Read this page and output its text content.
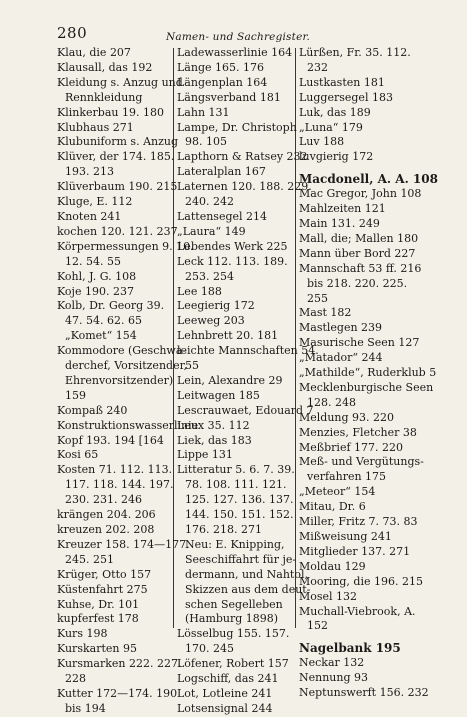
280	Namen- und Sachregister.
Klau, die 207
Klausall, das 192
Kleidung s. Anzug und
Rennkleidung
Klinkerbau 19. 180
Klubhaus 271
Klubuniform s. Anzug
Klüver, der 174. 185.
193. 213
Klüverbaum 190. 215
Kluge, E. 112
Knoten 241
kochen 120. 121. 237
Körpermessungen 9. 10.
12. 54. 55
Kohl, J. G. 108
Koje 190. 237
Kolb, Dr. Georg 39.
47. 54. 62. 65
„Komet“ 154
Kommodore (Geschwa-
derchef, Vorsitzender,
Ehrenvorsitzender)
159
Kompaß 240
Konstruktionswasserlinie
Kopf 193. 194 [164
Kosi 65
Kosten 71. 112. 113.
117. 118. 144. 197.
230. 231. 246
krängen 204. 206
kreuzen 202. 208
Kreuzer 158. 174—177.
245. 251
Krüger, Otto 157
Küstenfahrt 275
Kuhse, Dr. 101
kupferfest 178
Kurs 198
Kurskarten 95
Kursmarken 222. 227.
228
Kutter 172—174. 190
bis 194
Ladewasserlinie 164
Länge 165. 176
Längenplan 164
Längsverband 181
Lahn 131
Lampe, Dr. Christoph
98. 105
Lapthorn & Ratsey 232
Lateralplan 167
Laternen 120. 188. 229.
240. 242
Lattensegel 214
„Laura“ 149
Lebendes Werk 225
Leck 112. 113. 189.
253. 254
Lee 188
Leegierig 172
Leeweg 203
Lehnbrett 20. 181
leichte Mannschaften 54.
55
Lein, Alexandre 29
Leitwagen 185
Lescrauwaet, Edouard 7
Leux 35. 112
Liek, das 183
Lippe 131
Litteratur 5. 6. 7. 39.
78. 108. 111. 121.
125. 127. 136. 137.
144. 150. 151. 152.
176. 218. 271
Neu: E. Knipping,
Seeschiffahrt für je-
dermann, und Nahtol,
Skizzen aus dem deut-
schen Segelleben
(Hamburg 1898)
Lösselbug 155. 157.
170. 245
Löfener, Robert 157
Logschiff, das 241
Lot, Lotleine 241
Lotsensignal 244
Lürßen, Fr. 35. 112.
232
Lustkasten 181
Luggersegel 183
Luk, das 189
„Luna“ 179
Luv 188
luvgierig 172
Macdonell, A. A. 108
Mac Gregor, John 108
Mahlzeiten 121
Main 131. 249
Mall, die; Mallen 180
Mann über Bord 227
Mannschaft 53 ff. 216
bis 218. 220. 225.
255
Mast 182
Mastlegen 239
Masurische Seen 127
„Matador“ 244
„Mathilde“, Ruderklub 5
Mecklenburgische Seen
128. 248
Meldung 93. 220
Menzies, Fletcher 38
Meßbrief 177. 220
Meß- und Vergütungs-
verfahren 175
„Meteor“ 154
Mitau, Dr. 6
Miller, Fritz 7. 73. 83
Mißweisung 241
Mitglieder 137. 271
Moldau 129
Mooring, die 196. 215
Mosel 132
Muchall-Viebrook, A.
152
Nagelbank 195
Neckar 132
Nennung 93
Neptunswerft 156. 232
